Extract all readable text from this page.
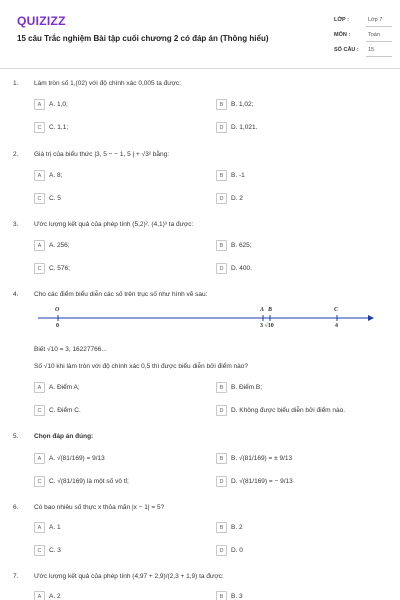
QUIZIZZ
15 câu Trắc nghiệm Bài tập cuối chương 2 có đáp án (Thông hiểu)
LỚP :	Lớp 7
MÔN :	Toán
SỐ CÂU : 15
1. Làm tròn số 1,(02) với độ chính xác 0,005 ta được:
A A. 1,0;	B B. 1,02;
C C. 1,1;	D D. 1,021.
2. Giá trị của biểu thức |3, 5 − − 1, 5 | + √3² bằng:
A A. 8;	B B. -1
C C. 5	D D. 2
3. Ước lượng kết quả của phép tính (5,2)². (4,1)³ ta được:
A A. 256;	B B. 625;
C C. 576;	D D. 400.
4. Cho các điểm biểu diễn các số trên trục số như hình vẽ sau:
O	A B	C
0	3 √10	4
Biết √10 = 3, 16227766...
Số √10 khi làm tròn với độ chính xác 0,5 thì được biểu diễn bởi điểm nào?
A A. Điểm A;	B B. Điểm B;
C C. Điểm C.	D D. Không được biểu diễn bởi điểm nào.
5. Chọn đáp án đúng:
A A. √(81/169) = 9/13	B B. √(81/169) = ± 9/13
C C. √(81/169) là một số vô tỉ;	D D. √(81/169) = − 9/13
6. Có bao nhiêu số thực x thỏa mãn |x − 1| = 5?
A A. 1	B B. 2
C C. 3	D D. 0
7. Ước lượng kết quả của phép tính (4,97 + 2,9)/(2,3 + 1,9) ta được:
A A. 2	B B. 3
